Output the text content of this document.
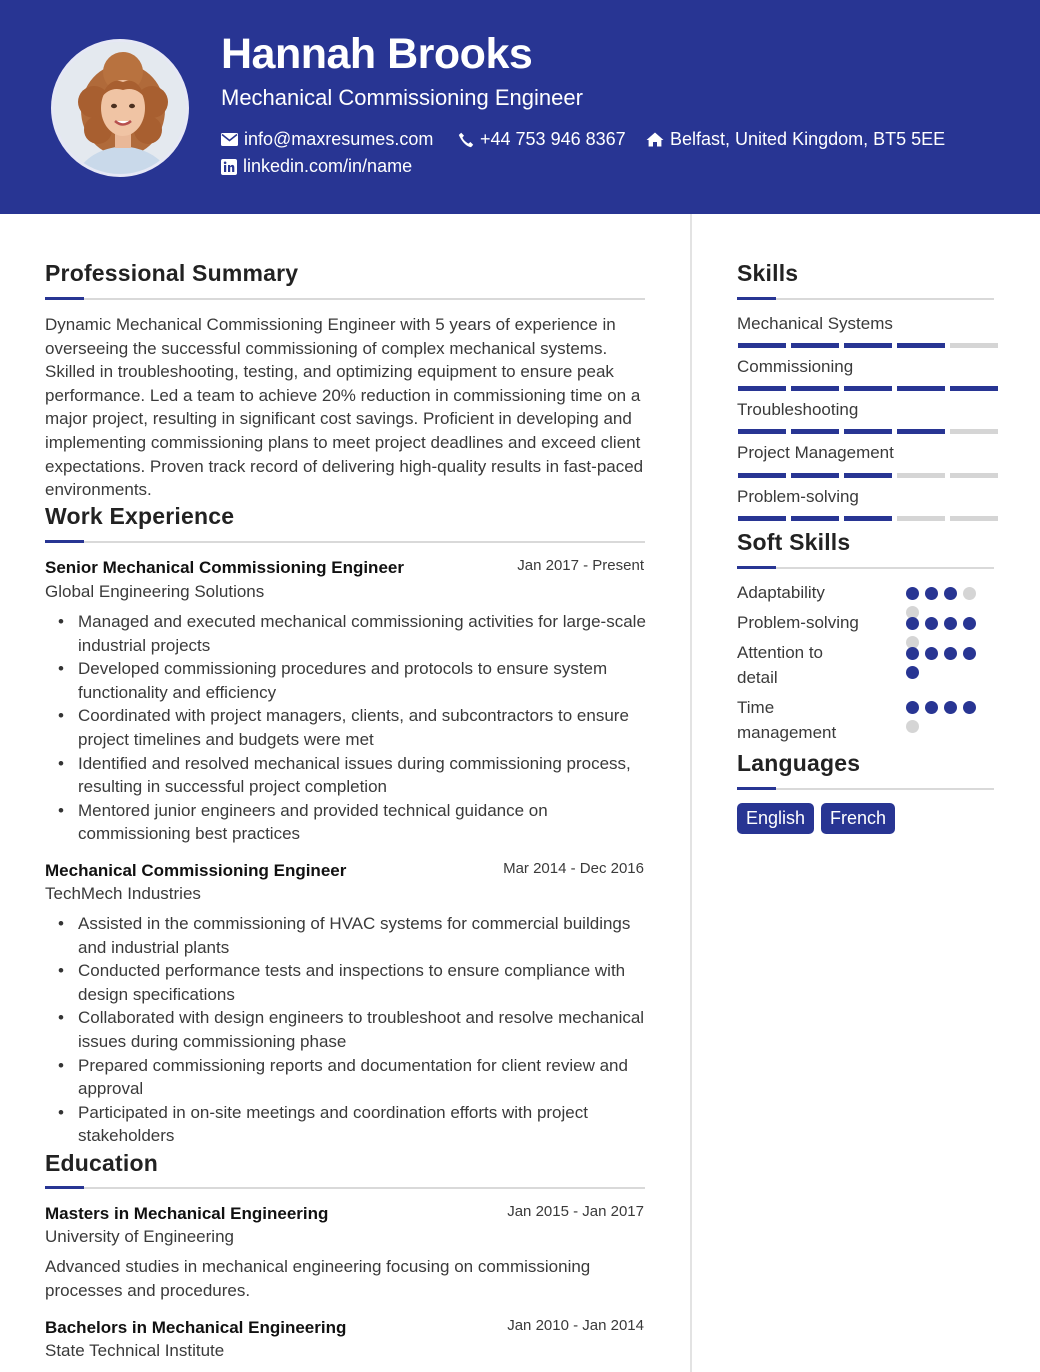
Hannah Brooks
Mechanical Commissioning Engineer
info@maxresumes.com	+44 753 946 8367 Belfast, United Kingdom, BT5 5EE
linkedin.com/in/name
Professional Summary
Dynamic Mechanical Commissioning Engineer with 5 years of experience in overseeing the successful commissioning of complex mechanical systems. Skilled in troubleshooting, testing, and optimizing equipment to ensure peak performance. Led a team to achieve 20% reduction in commissioning time on a major project, resulting in significant cost savings. Proficient in developing and implementing commissioning plans to meet project deadlines and exceed client expectations. Proven track record of delivering high-quality results in fast-paced environments.
Work Experience
Senior Mechanical Commissioning Engineer	Jan 2017 - Present
Global Engineering Solutions
• Managed and executed mechanical commissioning activities for large-scale industrial projects
• Developed commissioning procedures and protocols to ensure system functionality and efficiency
• Coordinated with project managers, clients, and subcontractors to ensure project timelines and budgets were met
• Identified and resolved mechanical issues during commissioning process, resulting in successful project completion
• Mentored junior engineers and provided technical guidance on commissioning best practices
Mechanical Commissioning Engineer	Mar 2014 - Dec 2016
TechMech Industries
• Assisted in the commissioning of HVAC systems for commercial buildings and industrial plants
• Conducted performance tests and inspections to ensure compliance with design specifications
• Collaborated with design engineers to troubleshoot and resolve mechanical issues during commissioning phase
• Prepared commissioning reports and documentation for client review and approval
• Participated in on-site meetings and coordination efforts with project stakeholders
Education
Masters in Mechanical Engineering	Jan 2015 - Jan 2017
University of Engineering
Advanced studies in mechanical engineering focusing on commissioning processes and procedures.
Bachelors in Mechanical Engineering	Jan 2010 - Jan 2014
State Technical Institute
Skills
Mechanical Systems
Commissioning
Troubleshooting
Project Management
Problem-solving
Soft Skills
Adaptability
Problem-solving
Attention to detail
Time management
Languages
English	French
